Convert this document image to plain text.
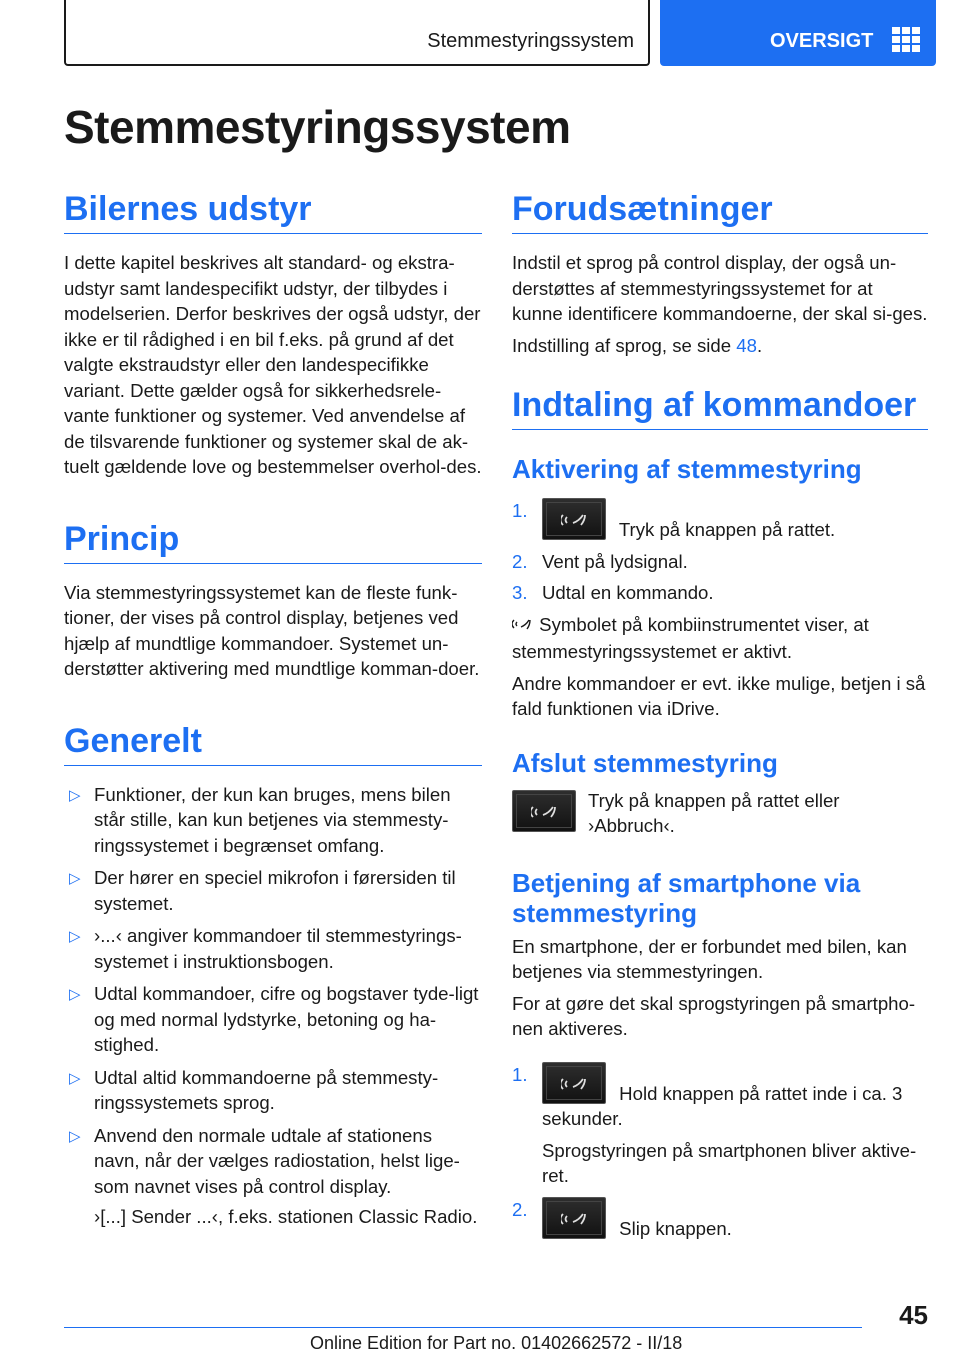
Stemmestyringssystem	OVERSIGT
Stemmestyringssystem
Bilernes udstyr

I dette kapitel beskrives alt standard- og ekstra-udstyr samt landespecifikt udstyr, der tilbydes i modelserien. Derfor beskrives der også udstyr, der ikke er til rådighed i en bil f.eks. på grund af det valgte ekstraudstyr eller den landespecifikke variant. Dette gælder også for sikkerhedsrele-vante funktioner og systemer. Ved anvendelse af de tilsvarende funktioner og systemer skal de ak-tuelt gældende love og bestemmelser overhol-des.

Princip

Via stemmestyringssystemet kan de fleste funk-tioner, der vises på control display, betjenes ved hjælp af mundtlige kommandoer. Systemet un-derstøtter aktivering med mundtlige komman-doer.

Generelt
▷ Funktioner, der kun kan bruges, mens bilen står stille, kan kun betjenes via stemmesty-ringssystemet i begrænset omfang.
▷ Der hører en speciel mikrofon i førersiden til systemet.
▷ ›...‹ angiver kommandoer til stemmestyrings-systemet i instruktionsbogen.
▷ Udtal kommandoer, cifre og bogstaver tyde-ligt og med normal lydstyrke, betoning og ha-stighed.
▷ Udtal altid kommandoerne på stemmesty-ringssystemets sprog.
▷ Anvend den normale udtale af stationens navn, når der vælges radiostation, helst lige-som navnet vises på control display.

›[...] Sender ...‹, f.eks. stationen Classic Radio.

Forudsætninger

Indstil et sprog på control display, der også un-derstøttes af stemmestyringssystemet for at kunne identificere kommandoerne, der skal si-ges.

Indstilling af sprog, se side 48.

Indtaling af kommandoer
Aktivering af stemmestyring
1.
Tryk på knappen på rattet.
2. Vent på lydsignal.
3. Udtal en kommando.

Symbolet på kombiinstrumentet viser, at stemmestyringssystemet er aktivt.

Andre kommandoer er evt. ikke mulige, betjen i så fald funktionen via iDrive.

Afslut stemmestyring

Tryk på knappen på rattet eller ›Abbruch‹.

Betjening af smartphone via stemmestyring

En smartphone, der er forbundet med bilen, kan betjenes via stemmestyringen.

For at gøre det skal sprogstyringen på smartpho-nen aktiveres.

1.
Hold knappen på rattet inde i ca. 3 sekunder.

Sprogstyringen på smartphonen bliver aktive-ret.

2.
Slip knappen.
45
Online Edition for Part no. 01402662572 - II/18
